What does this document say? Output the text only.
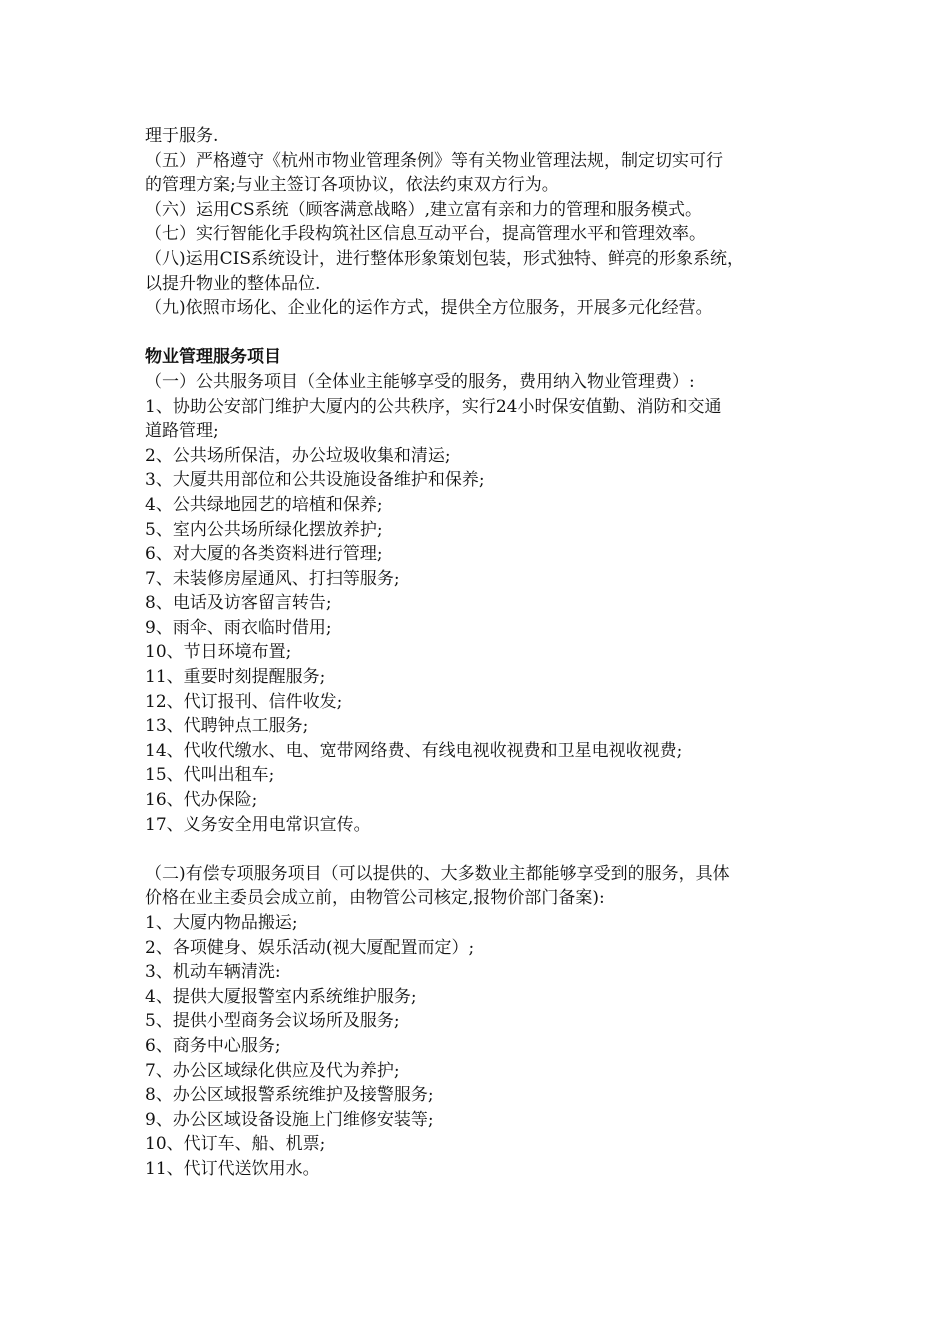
理于服务.
（五）严格遵守《杭州市物业管理条例》等有关物业管理法规，制定切实可行
的管理方案;与业主签订各项协议，依法约束双方行为。
（六）运用CS系统（顾客满意战略）,建立富有亲和力的管理和服务模式。
（七）实行智能化手段构筑社区信息互动平台，提高管理水平和管理效率。
（八)运用CIS系统设计，进行整体形象策划包装，形式独特、鲜亮的形象系统，
以提升物业的整体品位.
（九)依照市场化、企业化的运作方式，提供全方位服务，开展多元化经营。
物业管理服务项目
（一）公共服务项目（全体业主能够享受的服务，费用纳入物业管理费）:
1、协助公安部门维护大厦内的公共秩序，实行24小时保安值勤、消防和交通
道路管理;
2、公共场所保洁，办公垃圾收集和清运;
3、大厦共用部位和公共设施设备维护和保养;
4、公共绿地园艺的培植和保养;
5、室内公共场所绿化摆放养护;
6、对大厦的各类资料进行管理;
7、未装修房屋通风、打扫等服务;
8、电话及访客留言转告;
9、雨伞、雨衣临时借用;
10、节日环境布置;
11、重要时刻提醒服务;
12、代订报刊、信件收发;
13、代聘钟点工服务;
14、代收代缴水、电、宽带网络费、有线电视收视费和卫星电视收视费;
15、代叫出租车;
16、代办保险;
17、义务安全用电常识宣传。
（二)有偿专项服务项目（可以提供的、大多数业主都能够享受到的服务，具体
价格在业主委员会成立前，由物管公司核定,报物价部门备案):
1、大厦内物品搬运;
2、各项健身、娱乐活动(视大厦配置而定）;
3、机动车辆清洗:
4、提供大厦报警室内系统维护服务;
5、提供小型商务会议场所及服务;
6、商务中心服务;
7、办公区域绿化供应及代为养护;
8、办公区域报警系统维护及接警服务;
9、办公区域设备设施上门维修安装等;
10、代订车、船、机票;
11、代订代送饮用水。
